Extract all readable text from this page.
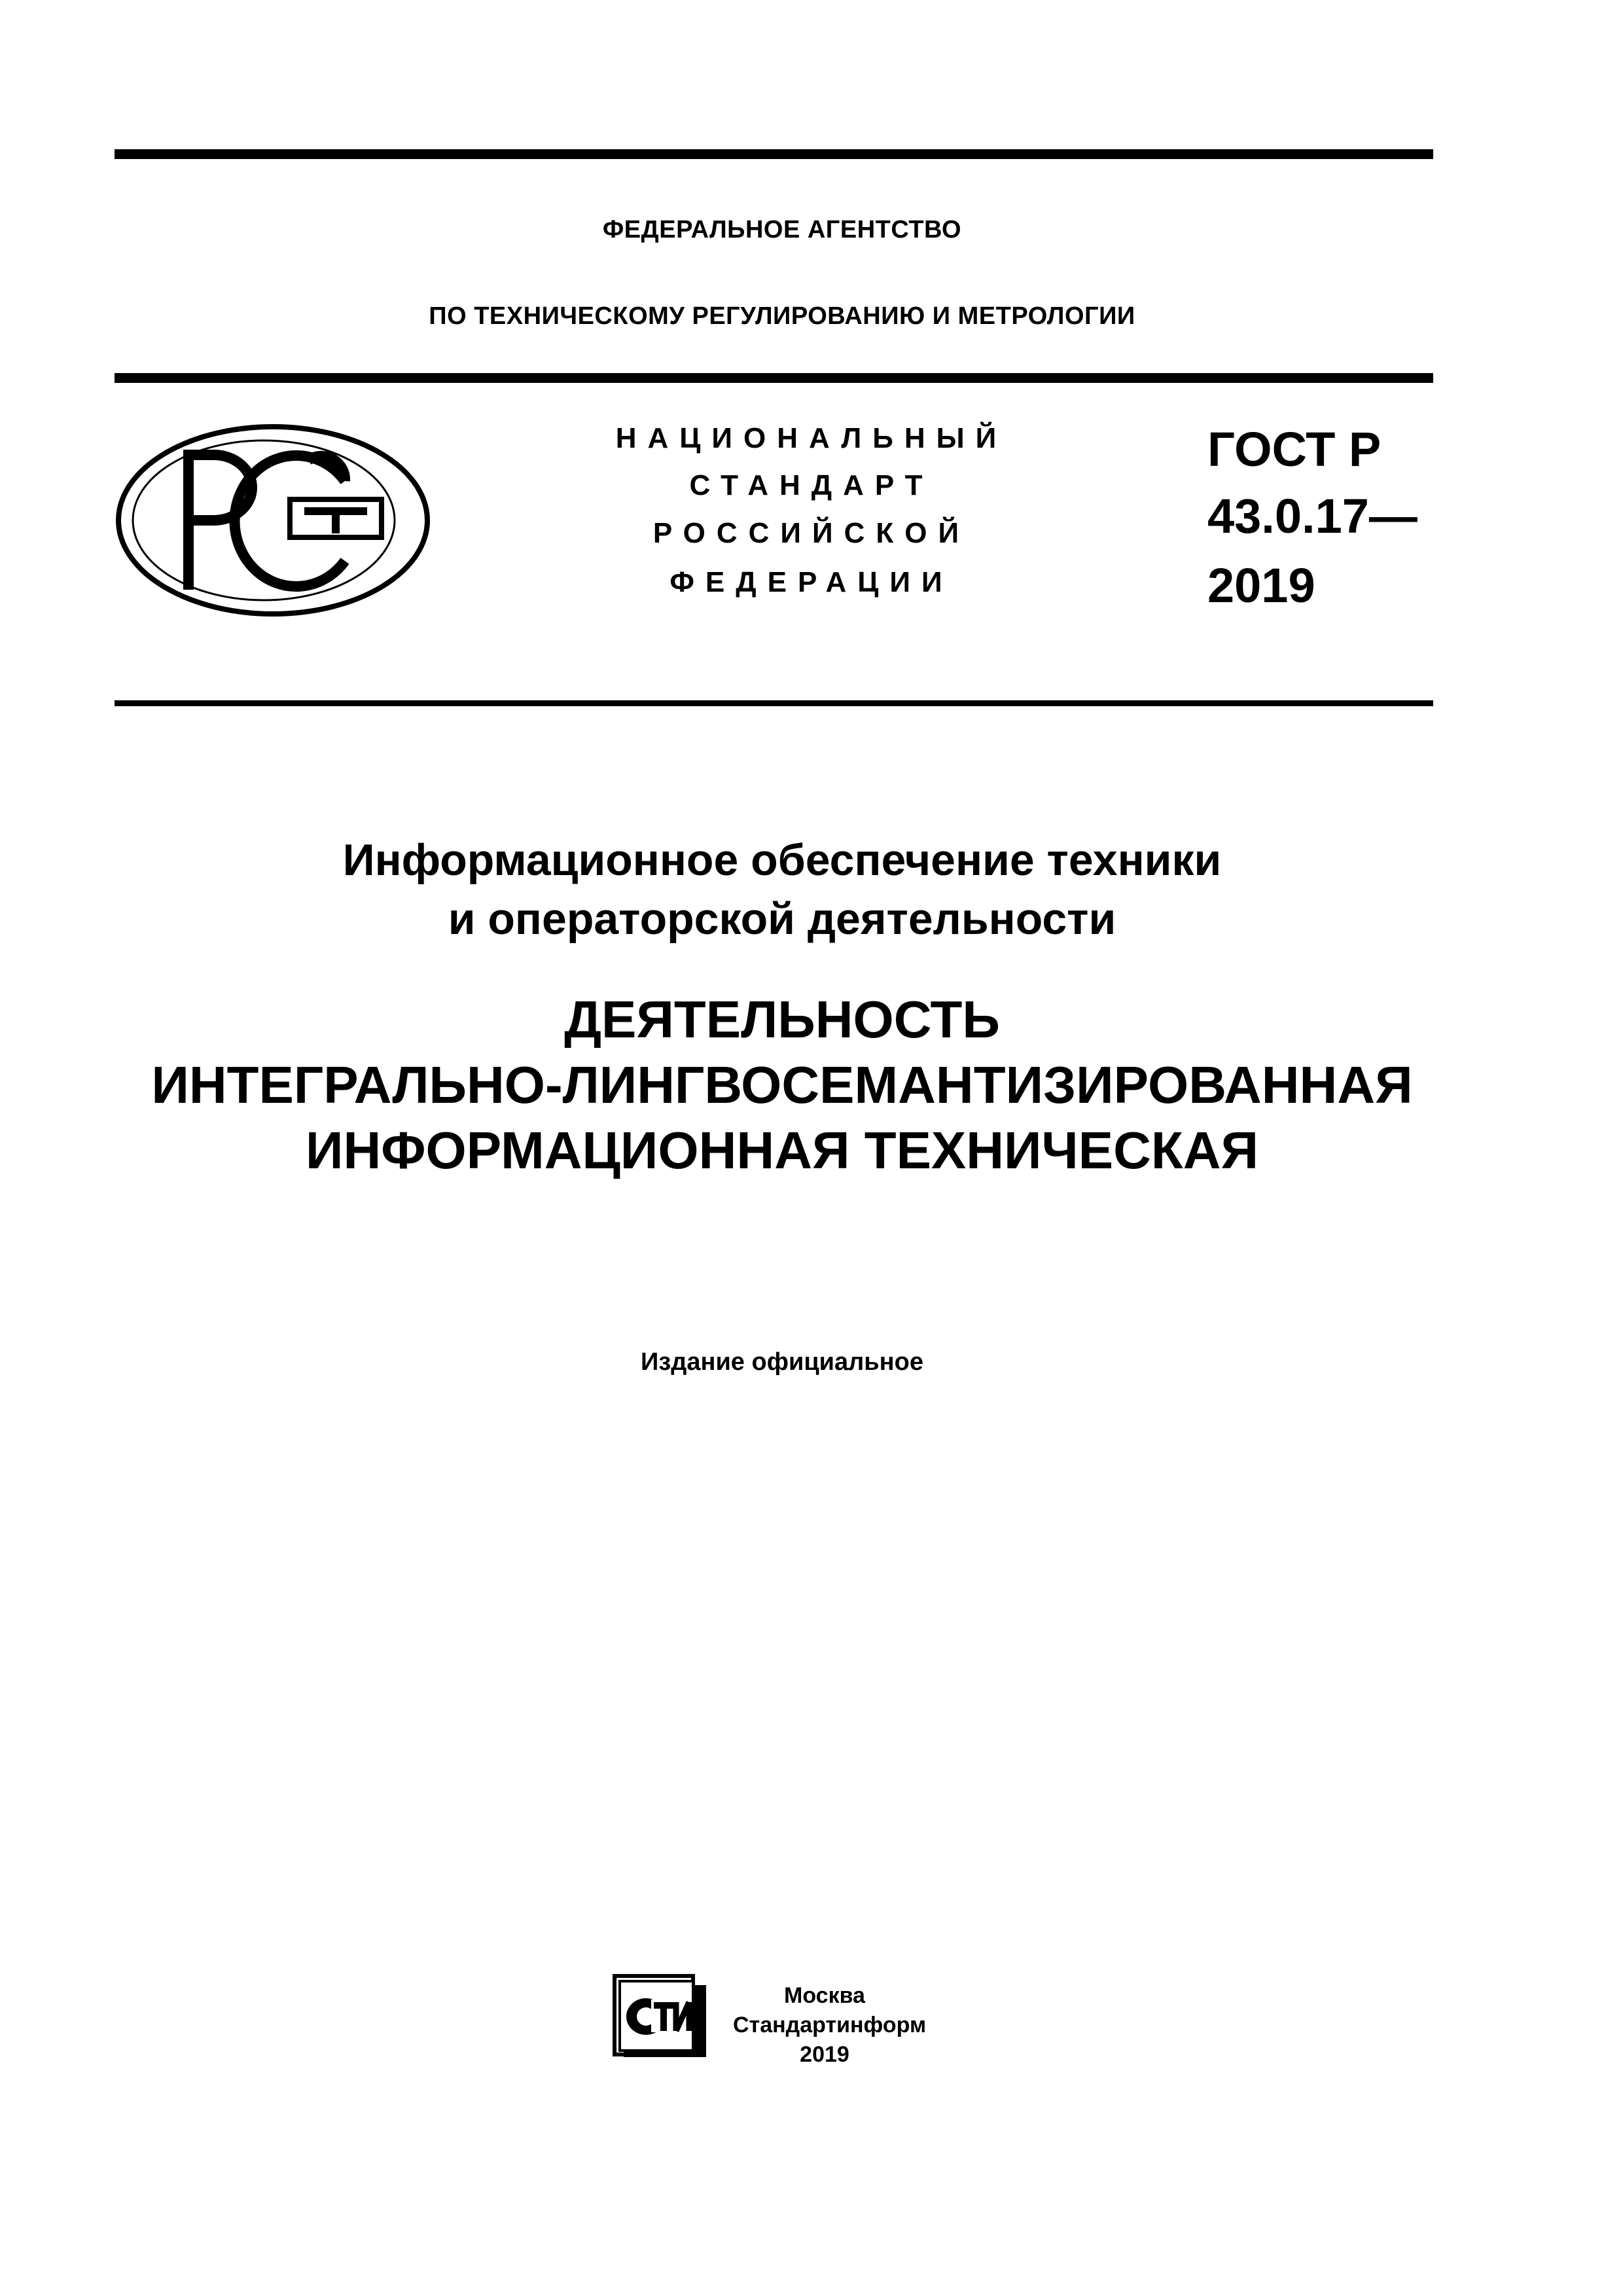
ФЕДЕРАЛЬНОЕ АГЕНТСТВО
ПО ТЕХНИЧЕСКОМУ РЕГУЛИРОВАНИЮ И МЕТРОЛОГИИ
НАЦИОНАЛЬНЫЙ
СТАНДАРТ
РОССИЙСКОЙ
ФЕДЕРАЦИИ
ГОСТ Р
43.0.17—
2019
Информационное обеспечение техники
и операторской деятельности
ДЕЯТЕЛЬНОСТЬ
ИНТЕГРАЛЬНО-ЛИНГВОСЕМАНТИЗИРОВАННАЯ
ИНФОРМАЦИОННАЯ ТЕХНИЧЕСКАЯ
Издание официальное
Москва
Стандартинформ
2019
